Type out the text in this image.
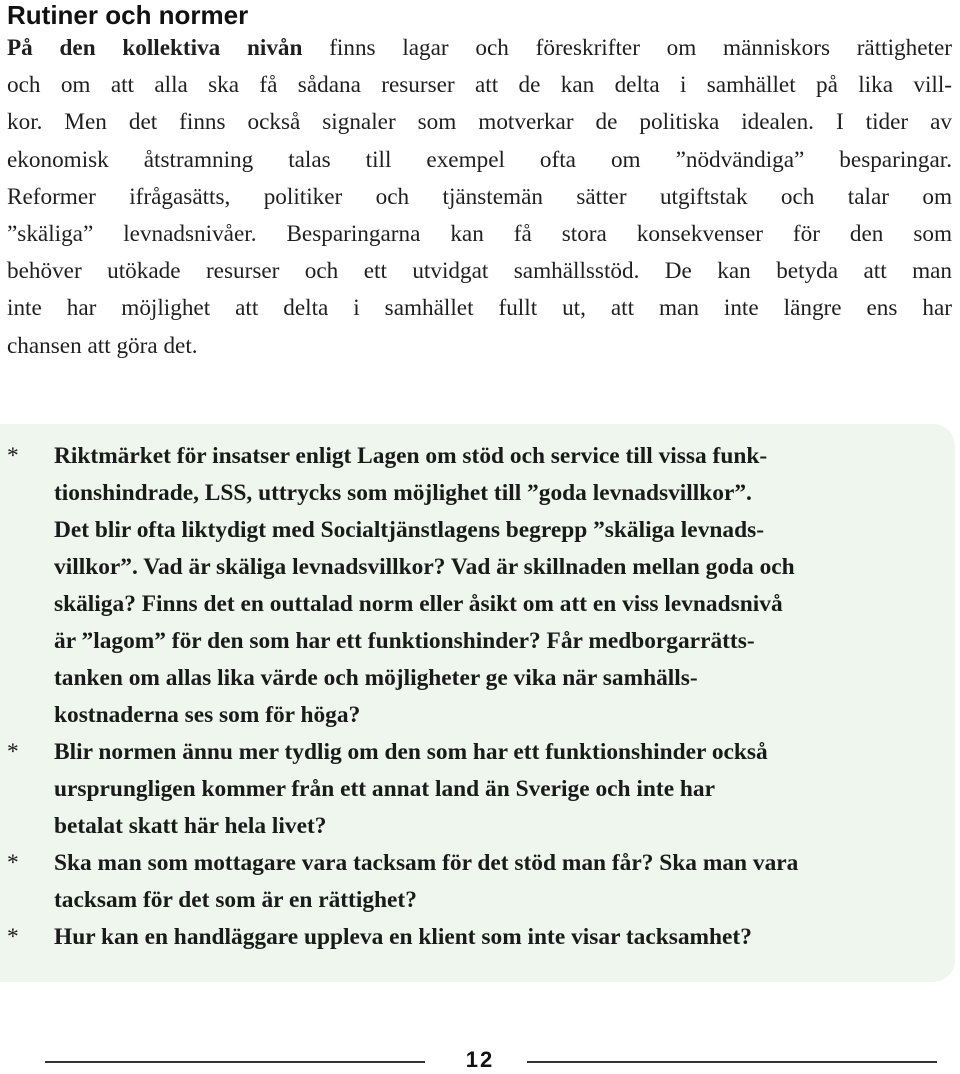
Rutiner och normer
På den kollektiva nivån finns lagar och föreskrifter om människors rättigheter
och om att alla ska få sådana resurser att de kan delta i samhället på lika vill-
kor. Men det finns också signaler som motverkar de politiska idealen. I tider av
ekonomisk åtstramning talas till exempel ofta om ”nödvändiga” besparingar.
Reformer ifrågasätts, politiker och tjänstemän sätter utgiftstak och talar om
”skäliga” levnadsnivåer. Besparingarna kan få stora konsekvenser för den som
behöver utökade resurser och ett utvidgat samhällsstöd. De kan betyda att man
inte har möjlighet att delta i samhället fullt ut, att man inte längre ens har
chansen att göra det.
* Riktmärket för insatser enligt Lagen om stöd och service till vissa funk-
tionshindrade, LSS, uttrycks som möjlighet till ”goda levnadsvillkor”.
Det blir ofta liktydigt med Socialtjänstlagens begrepp ”skäliga levnads-
villkor”. Vad är skäliga levnadsvillkor? Vad är skillnaden mellan goda och
skäliga? Finns det en outtalad norm eller åsikt om att en viss levnadsnivå
är ”lagom” för den som har ett funktionshinder? Får medborgarrätts-
tanken om allas lika värde och möjligheter ge vika när samhälls-
kostnaderna ses som för höga?
* Blir normen ännu mer tydlig om den som har ett funktionshinder också
ursprungligen kommer från ett annat land än Sverige och inte har
betalat skatt här hela livet?
* Ska man som mottagare vara tacksam för det stöd man får? Ska man vara
tacksam för det som är en rättighet?
* Hur kan en handläggare uppleva en klient som inte visar tacksamhet?
12
